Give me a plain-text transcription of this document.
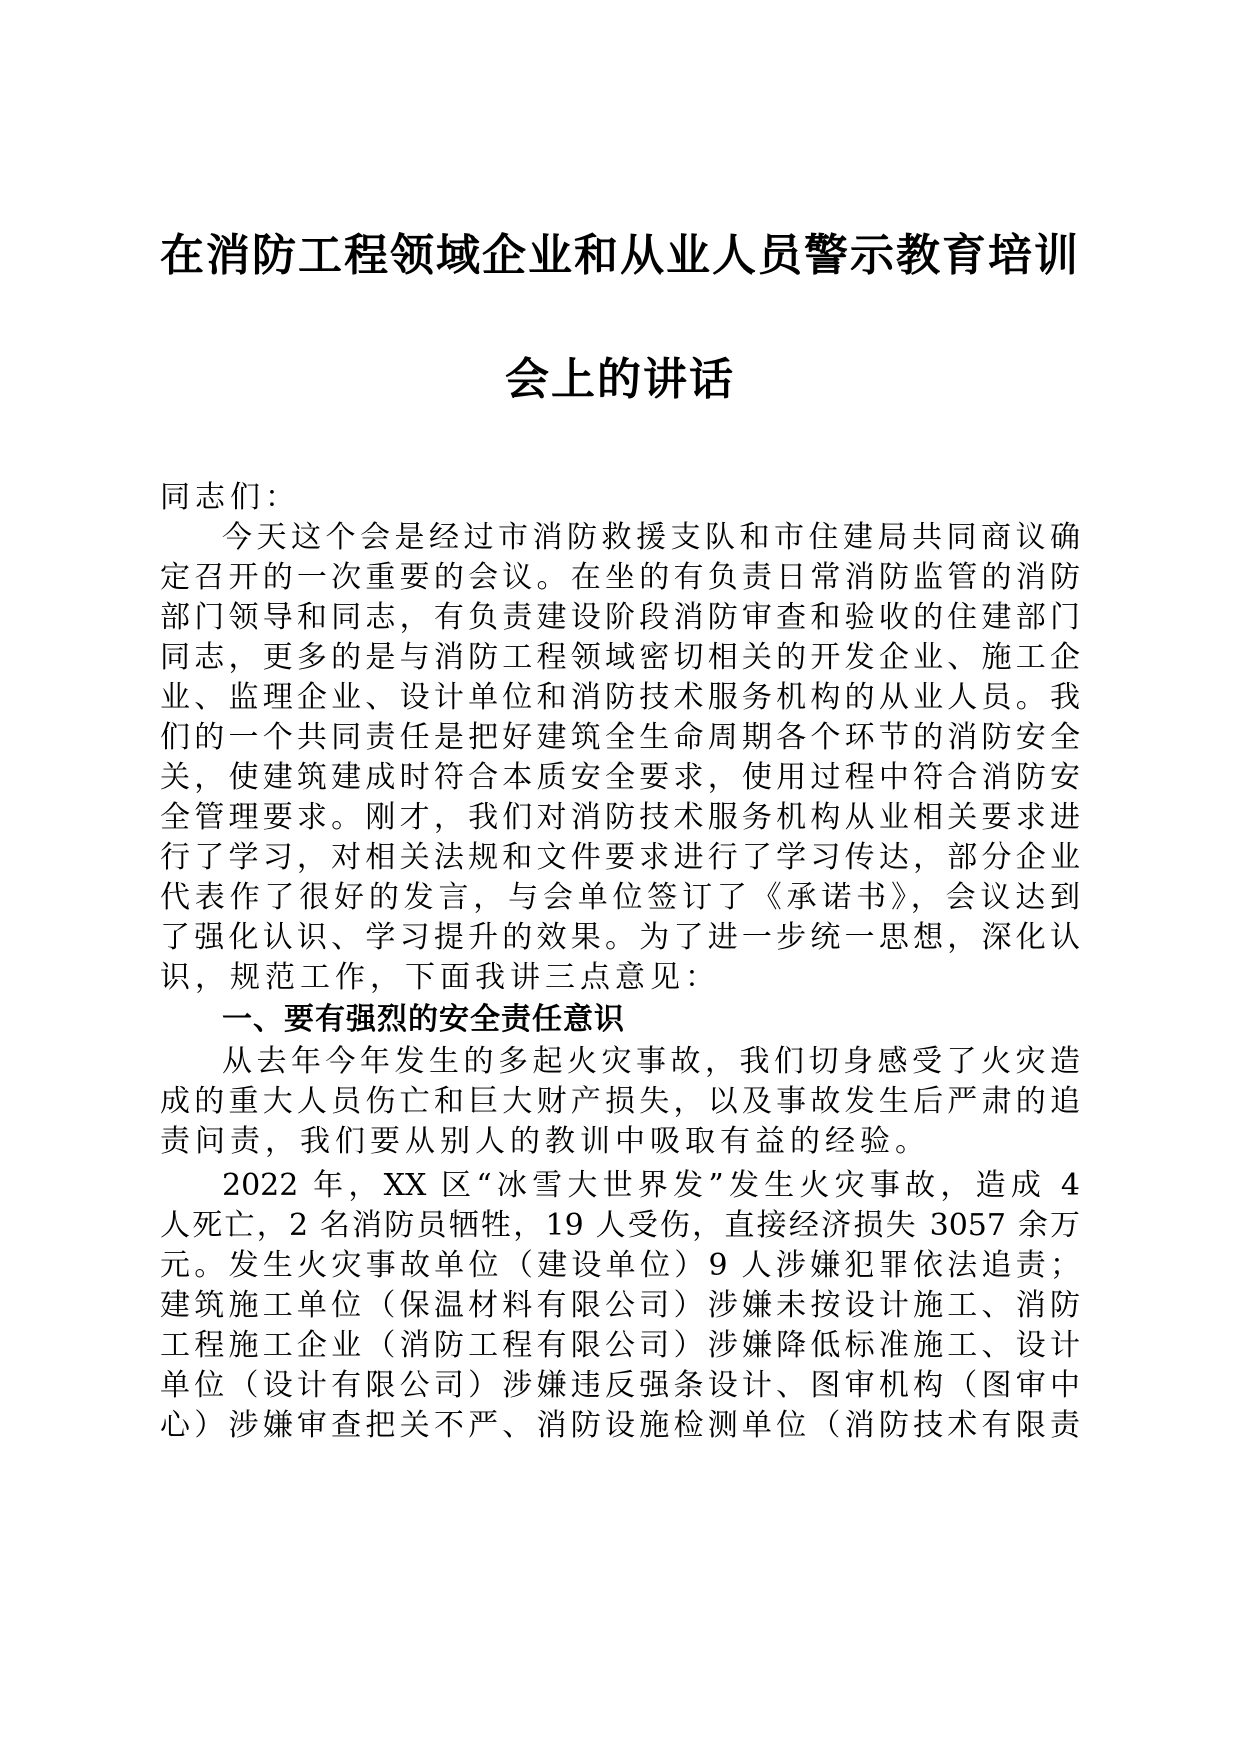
在消防工程领域企业和从业人员警示教育培训
会上的讲话
同志们：
今天这个会是经过市消防救援支队和市住建局共同商议确
定召开的一次重要的会议。在坐的有负责日常消防监管的消防
部门领导和同志，有负责建设阶段消防审查和验收的住建部门
同志，更多的是与消防工程领域密切相关的开发企业、施工企
业、监理企业、设计单位和消防技术服务机构的从业人员。我
们的一个共同责任是把好建筑全生命周期各个环节的消防安全
关，使建筑建成时符合本质安全要求，使用过程中符合消防安
全管理要求。刚才，我们对消防技术服务机构从业相关要求进
行了学习，对相关法规和文件要求进行了学习传达，部分企业
代表作了很好的发言，与会单位签订了《承诺书》，会议达到
了强化认识、学习提升的效果。为了进一步统一思想，深化认
识，规范工作，下面我讲三点意见：
一、要有强烈的安全责任意识
从去年今年发生的多起火灾事故，我们切身感受了火灾造
成的重大人员伤亡和巨大财产损失，以及事故发生后严肃的追
责问责，我们要从别人的教训中吸取有益的经验。
2022 年，XX 区“冰雪大世界发”发生火灾事故，造成 4
人死亡，2 名消防员牺牲，19 人受伤，直接经济损失 3057 余万
元。发生火灾事故单位（建设单位）9 人涉嫌犯罪依法追责；
建筑施工单位（保温材料有限公司）涉嫌未按设计施工、消防
工程施工企业（消防工程有限公司）涉嫌降低标准施工、设计
单位（设计有限公司）涉嫌违反强条设计、图审机构（图审中
心）涉嫌审查把关不严、消防设施检测单位（消防技术有限责
